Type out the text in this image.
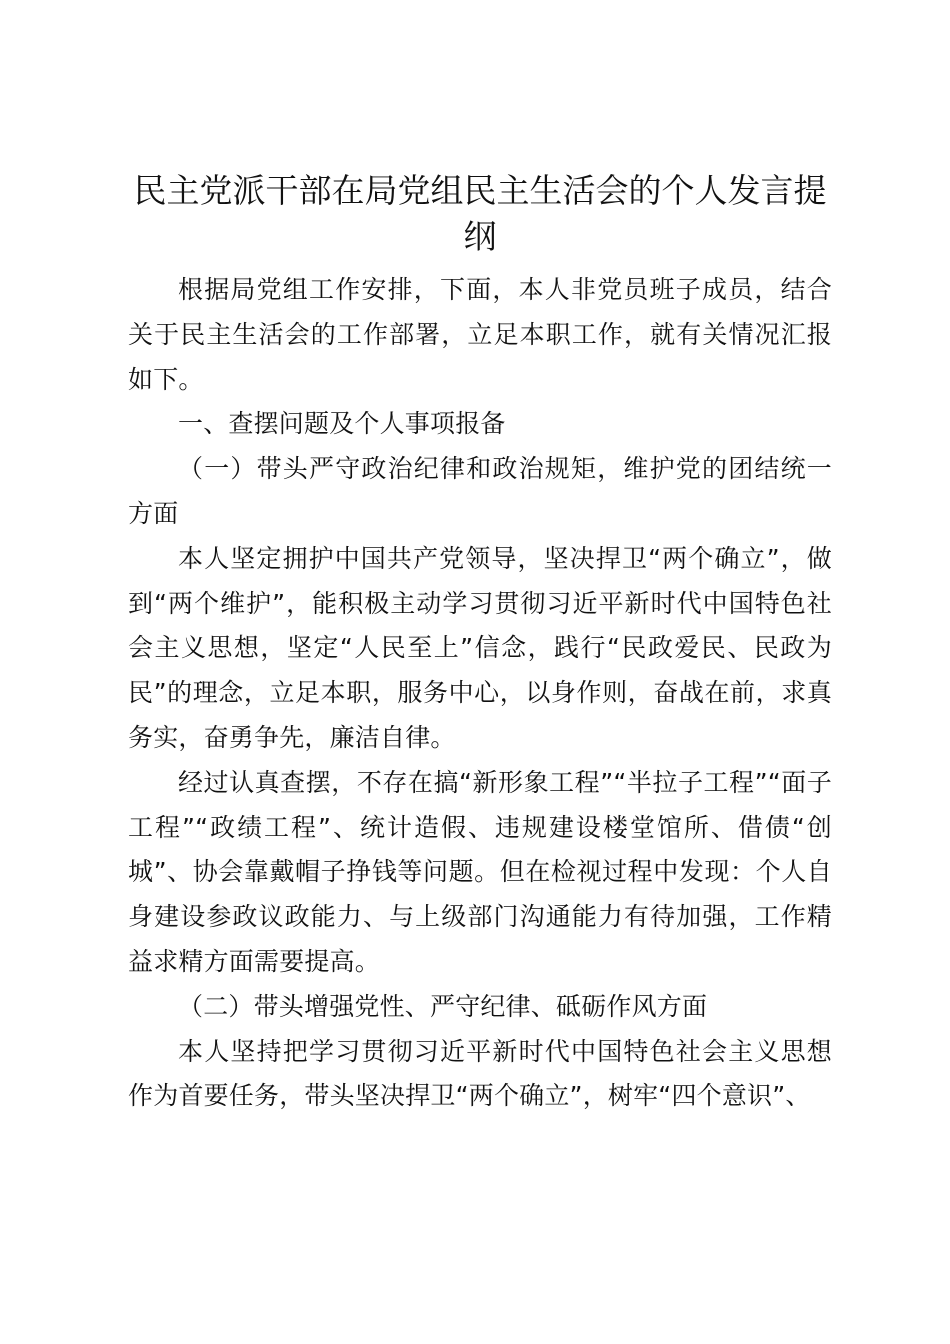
民主党派干部在局党组民主生活会的个人发言提纲

根据局党组工作安排，下面，本人非党员班子成员，结合关于民主生活会的工作部署，立足本职工作，就有关情况汇报如下。

一、查摆问题及个人事项报备

（一）带头严守政治纪律和政治规矩，维护党的团结统一方面

本人坚定拥护中国共产党领导，坚决捍卫“两个确立”，做到“两个维护”，能积极主动学习贯彻习近平新时代中国特色社会主义思想，坚定“人民至上”信念，践行“民政爱民、民政为民”的理念，立足本职，服务中心，以身作则，奋战在前，求真务实，奋勇争先，廉洁自律。

经过认真查摆，不存在搞“新形象工程”“半拉子工程”“面子工程”“政绩工程”、统计造假、违规建设楼堂馆所、借债“创城”、协会靠戴帽子挣钱等问题。但在检视过程中发现：个人自身建设参政议政能力、与上级部门沟通能力有待加强，工作精益求精方面需要提高。

（二）带头增强党性、严守纪律、砥砺作风方面

本人坚持把学习贯彻习近平新时代中国特色社会主义思想作为首要任务，带头坚决捍卫“两个确立”，树牢“四个意识”、
